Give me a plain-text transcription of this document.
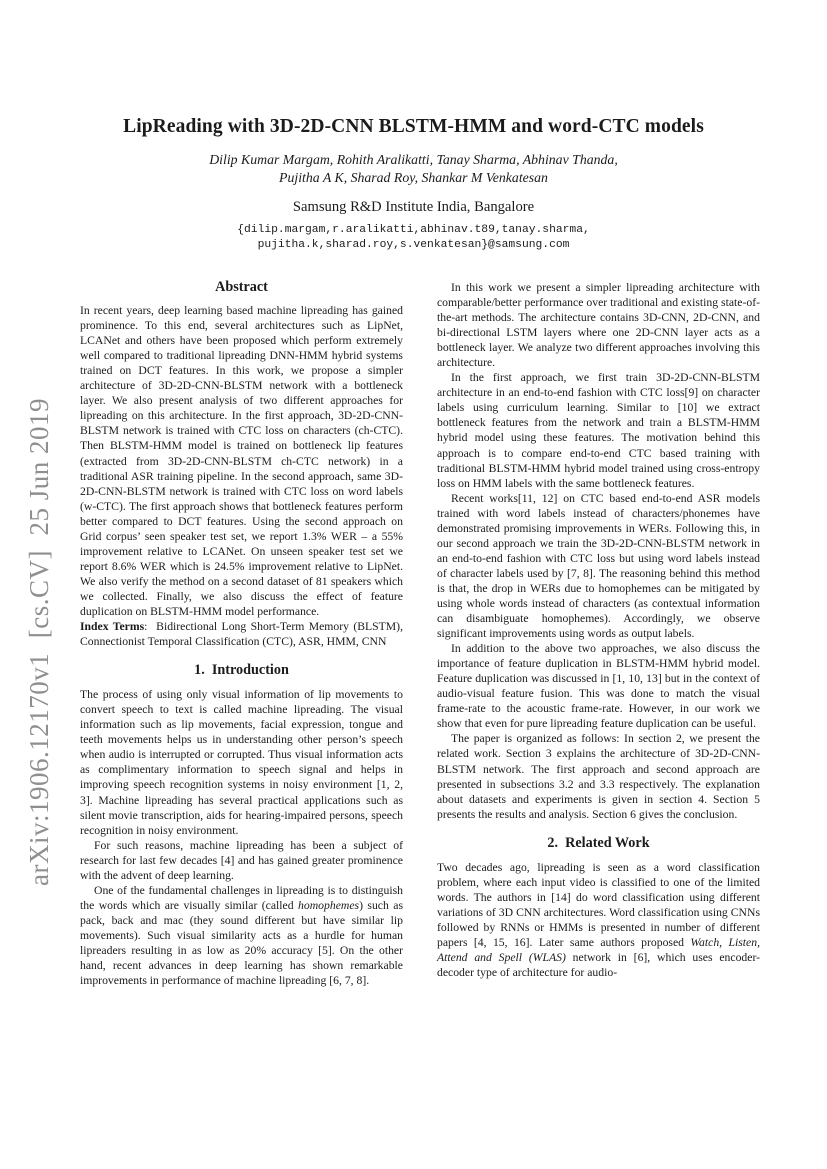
arXiv:1906.12170v1  [cs.CV]  25 Jun 2019
LipReading with 3D-2D-CNN BLSTM-HMM and word-CTC models
Dilip Kumar Margam, Rohith Aralikatti, Tanay Sharma, Abhinav Thanda,
Pujitha A K, Sharad Roy, Shankar M Venkatesan
Samsung R&D Institute India, Bangalore
{dilip.margam,r.aralikatti,abhinav.t89,tanay.sharma,
pujitha.k,sharad.roy,s.venkatesan}@samsung.com
Abstract

In recent years, deep learning based machine lipreading has gained prominence. To this end, several architectures such as LipNet, LCANet and others have been proposed which perform extremely well compared to traditional lipreading DNN-HMM hybrid systems trained on DCT features. In this work, we propose a simpler architecture of 3D-2D-CNN-BLSTM network with a bottleneck layer. We also present analysis of two different approaches for lipreading on this architecture. In the first approach, 3D-2D-CNN-BLSTM network is trained with CTC loss on characters (ch-CTC). Then BLSTM-HMM model is trained on bottleneck lip features (extracted from 3D-2D-CNN-BLSTM ch-CTC network) in a traditional ASR training pipeline. In the second approach, same 3D-2D-CNN-BLSTM network is trained with CTC loss on word labels (w-CTC). The first approach shows that bottleneck features perform better compared to DCT features. Using the second approach on Grid corpus’ seen speaker test set, we report 1.3% WER – a 55% improvement relative to LCANet. On unseen speaker test set we report 8.6% WER which is 24.5% improvement relative to LipNet. We also verify the method on a second dataset of 81 speakers which we collected. Finally, we also discuss the effect of feature duplication on BLSTM-HMM model performance.

Index Terms:  Bidirectional Long Short-Term Memory (BLSTM), Connectionist Temporal Classification (CTC), ASR, HMM, CNN

1.  Introduction

The process of using only visual information of lip movements to convert speech to text is called machine lipreading. The visual information such as lip movements, facial expression, tongue and teeth movements helps us in understanding other person’s speech when audio is interrupted or corrupted. Thus visual information acts as complimentary information to speech signal and helps in improving speech recognition systems in noisy environment [1, 2, 3]. Machine lipreading has several practical applications such as silent movie transcription, aids for hearing-impaired persons, speech recognition in noisy environment.

For such reasons, machine lipreading has been a subject of research for last few decades [4] and has gained greater prominence with the advent of deep learning.

One of the fundamental challenges in lipreading is to distinguish the words which are visually similar (called homophemes) such as pack, back and mac (they sound different but have similar lip movements). Such visual similarity acts as a hurdle for human lipreaders resulting in as low as 20% accuracy [5]. On the other hand, recent advances in deep learning has shown remarkable improvements in performance of machine lipreading [6, 7, 8].

In this work we present a simpler lipreading architecture with comparable/better performance over traditional and existing state-of-the-art methods. The architecture contains 3D-CNN, 2D-CNN, and bi-directional LSTM layers where one 2D-CNN layer acts as a bottleneck layer. We analyze two different approaches involving this architecture.

In the first approach, we first train 3D-2D-CNN-BLSTM architecture in an end-to-end fashion with CTC loss[9] on character labels using curriculum learning. Similar to [10] we extract bottleneck features from the network and train a BLSTM-HMM hybrid model using these features. The motivation behind this approach is to compare end-to-end CTC based training with traditional BLSTM-HMM hybrid model trained using cross-entropy loss on HMM labels with the same bottleneck features.

Recent works[11, 12] on CTC based end-to-end ASR models trained with word labels instead of characters/phonemes have demonstrated promising improvements in WERs. Following this, in our second approach we train the 3D-2D-CNN-BLSTM network in an end-to-end fashion with CTC loss but using word labels instead of character labels used by [7, 8]. The reasoning behind this method is that, the drop in WERs due to homophemes can be mitigated by using whole words instead of characters (as contextual information can disambiguate homophemes). Accordingly, we observe significant improvements using words as output labels.

In addition to the above two approaches, we also discuss the importance of feature duplication in BLSTM-HMM hybrid model. Feature duplication was discussed in [1, 10, 13] but in the context of audio-visual feature fusion. This was done to match the visual frame-rate to the acoustic frame-rate. However, in our work we show that even for pure lipreading feature duplication can be useful.

The paper is organized as follows: In section 2, we present the related work. Section 3 explains the architecture of 3D-2D-CNN-BLSTM network. The first approach and second approach are presented in subsections 3.2 and 3.3 respectively. The explanation about datasets and experiments is given in section 4. Section 5 presents the results and analysis. Section 6 gives the conclusion.

2.  Related Work

Two decades ago, lipreading is seen as a word classification problem, where each input video is classified to one of the limited words. The authors in [14] do word classification using different variations of 3D CNN architectures. Word classification using CNNs followed by RNNs or HMMs is presented in number of different papers [4, 15, 16]. Later same authors proposed Watch, Listen, Attend and Spell (WLAS) network in [6], which uses encoder-decoder type of architecture for audio-
